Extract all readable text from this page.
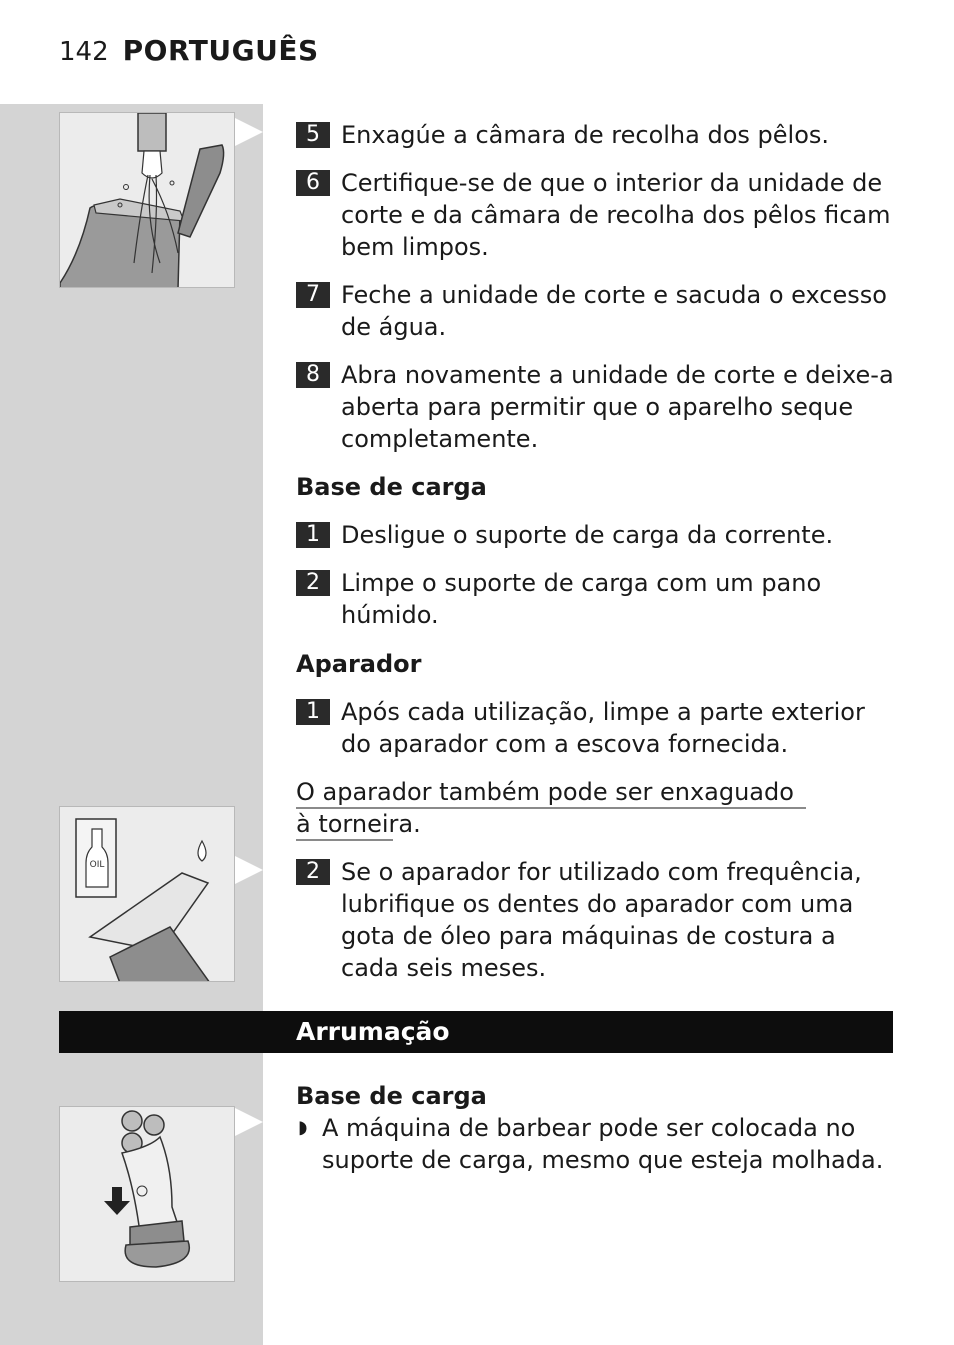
142 PORTUGUÊS
OIL
5 Enxagúe a câmara de recolha dos pêlos.
6 Certifique-se de que o interior da unidade de corte e da câmara de recolha dos pêlos ficam bem limpos.
7 Feche a unidade de corte e sacuda o excesso de água.
8 Abra novamente a unidade de corte e deixe-a aberta para permitir que o aparelho seque completamente.
Base de carga
1 Desligue o suporte de carga da corrente.
2 Limpe o suporte de carga com um pano húmido.
Aparador
1 Após cada utilização, limpe a parte exterior do aparador com a escova fornecida.
O aparador também pode ser enxaguado à torneira.
2 Se o aparador for utilizado com frequência, lubrifique os dentes do aparador com uma gota de óleo para máquinas de costura a cada seis meses.
Arrumação
Base de carga
◗ A máquina de barbear pode ser colocada no suporte de carga, mesmo que esteja molhada.
